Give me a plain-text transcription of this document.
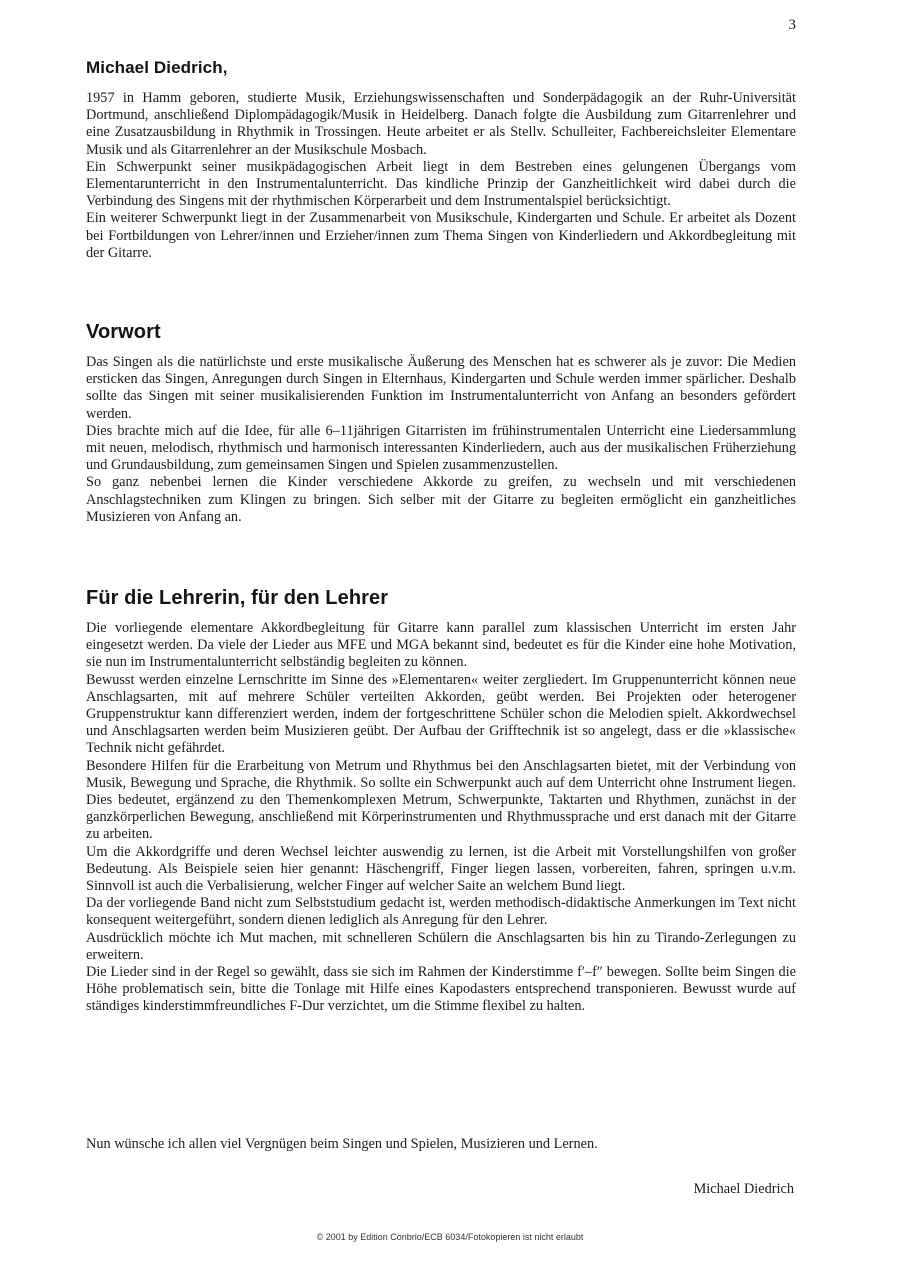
3
Michael Diedrich,

1957 in Hamm geboren, studierte Musik, Erziehungswissenschaften und Sonderpädagogik an der Ruhr-Universität Dortmund, anschließend Diplompädagogik/Musik in Heidelberg. Danach folgte die Ausbildung zum Gitarrenlehrer und eine Zusatzausbildung in Rhythmik in Trossingen. Heute arbeitet er als Stellv. Schulleiter, Fachbereichsleiter Elementare Musik und als Gitarrenlehrer an der Musikschule Mosbach.

Ein Schwerpunkt seiner musikpädagogischen Arbeit liegt in dem Bestreben eines gelungenen Übergangs vom Elementarunterricht in den Instrumentalunterricht. Das kindliche Prinzip der Ganzheitlichkeit wird dabei durch die Verbindung des Singens mit der rhythmischen Körperarbeit und dem Instrumentalspiel berücksichtigt.

Ein weiterer Schwerpunkt liegt in der Zusammenarbeit von Musikschule, Kindergarten und Schule. Er arbeitet als Dozent bei Fortbildungen von Lehrer/innen und Erzieher/innen zum Thema Singen von Kinderliedern und Akkordbegleitung mit der Gitarre.

Vorwort

Das Singen als die natürlichste und erste musikalische Äußerung des Menschen hat es schwerer als je zuvor: Die Medien ersticken das Singen, Anregungen durch Singen in Elternhaus, Kindergarten und Schule werden immer spärlicher. Deshalb sollte das Singen mit seiner musikalisierenden Funktion im Instrumentalunterricht von Anfang an besonders gefördert werden.

Dies brachte mich auf die Idee, für alle 6–11jährigen Gitarristen im frühinstrumentalen Unterricht eine Liedersammlung mit neuen, melodisch, rhythmisch und harmonisch interessanten Kinderliedern, auch aus der musikalischen Früherziehung und Grundausbildung, zum gemeinsamen Singen und Spielen zusammenzustellen.

So ganz nebenbei lernen die Kinder verschiedene Akkorde zu greifen, zu wechseln und mit verschiedenen Anschlagstechniken zum Klingen zu bringen. Sich selber mit der Gitarre zu begleiten ermöglicht ein ganzheitliches Musizieren von Anfang an.

Für die Lehrerin, für den Lehrer

Die vorliegende elementare Akkordbegleitung für Gitarre kann parallel zum klassischen Unterricht im ersten Jahr eingesetzt werden. Da viele der Lieder aus MFE und MGA bekannt sind, bedeutet es für die Kinder eine hohe Motivation, sie nun im Instrumentalunterricht selbständig begleiten zu können.

Bewusst werden einzelne Lernschritte im Sinne des »Elementaren« weiter zergliedert. Im Gruppenunterricht können neue Anschlagsarten, mit auf mehrere Schüler verteilten Akkorden, geübt werden. Bei Projekten oder heterogener Gruppenstruktur kann differenziert werden, indem der fortgeschrittene Schüler schon die Melodien spielt. Akkordwechsel und Anschlagsarten werden beim Musizieren geübt. Der Aufbau der Grifftechnik ist so angelegt, dass er die »klassische« Technik nicht gefährdet.

Besondere Hilfen für die Erarbeitung von Metrum und Rhythmus bei den Anschlagsarten bietet, mit der Verbindung von Musik, Bewegung und Sprache, die Rhythmik. So sollte ein Schwerpunkt auch auf dem Unterricht ohne Instrument liegen. Dies bedeutet, ergänzend zu den Themenkomplexen Metrum, Schwerpunkte, Taktarten und Rhythmen, zunächst in der ganzkörperlichen Bewegung, anschließend mit Körperinstrumenten und Rhythmussprache und erst danach mit der Gitarre zu arbeiten.

Um die Akkordgriffe und deren Wechsel leichter auswendig zu lernen, ist die Arbeit mit Vorstellungshilfen von großer Bedeutung. Als Beispiele seien hier genannt: Häschengriff, Finger liegen lassen, vorbereiten, fahren, springen u.v.m. Sinnvoll ist auch die Verbalisierung, welcher Finger auf welcher Saite an welchem Bund liegt.

Da der vorliegende Band nicht zum Selbststudium gedacht ist, werden methodisch-didaktische Anmerkungen im Text nicht konsequent weitergeführt, sondern dienen lediglich als Anregung für den Lehrer.

Ausdrücklich möchte ich Mut machen, mit schnelleren Schülern die Anschlagsarten bis hin zu Tirando-Zerlegungen zu erweitern.

Die Lieder sind in der Regel so gewählt, dass sie sich im Rahmen der Kinderstimme f′–f″ bewegen. Sollte beim Singen die Höhe problematisch sein, bitte die Tonlage mit Hilfe eines Kapodasters entsprechend transponieren. Bewusst wurde auf ständiges kinderstimmfreundliches F-Dur verzichtet, um die Stimme flexibel zu halten.

Nun wünsche ich allen viel Vergnügen beim Singen und Spielen, Musizieren und Lernen.

Michael Diedrich

© 2001 by Edition Conbrio/ECB 6034/Fotokopieren ist nicht erlaubt
